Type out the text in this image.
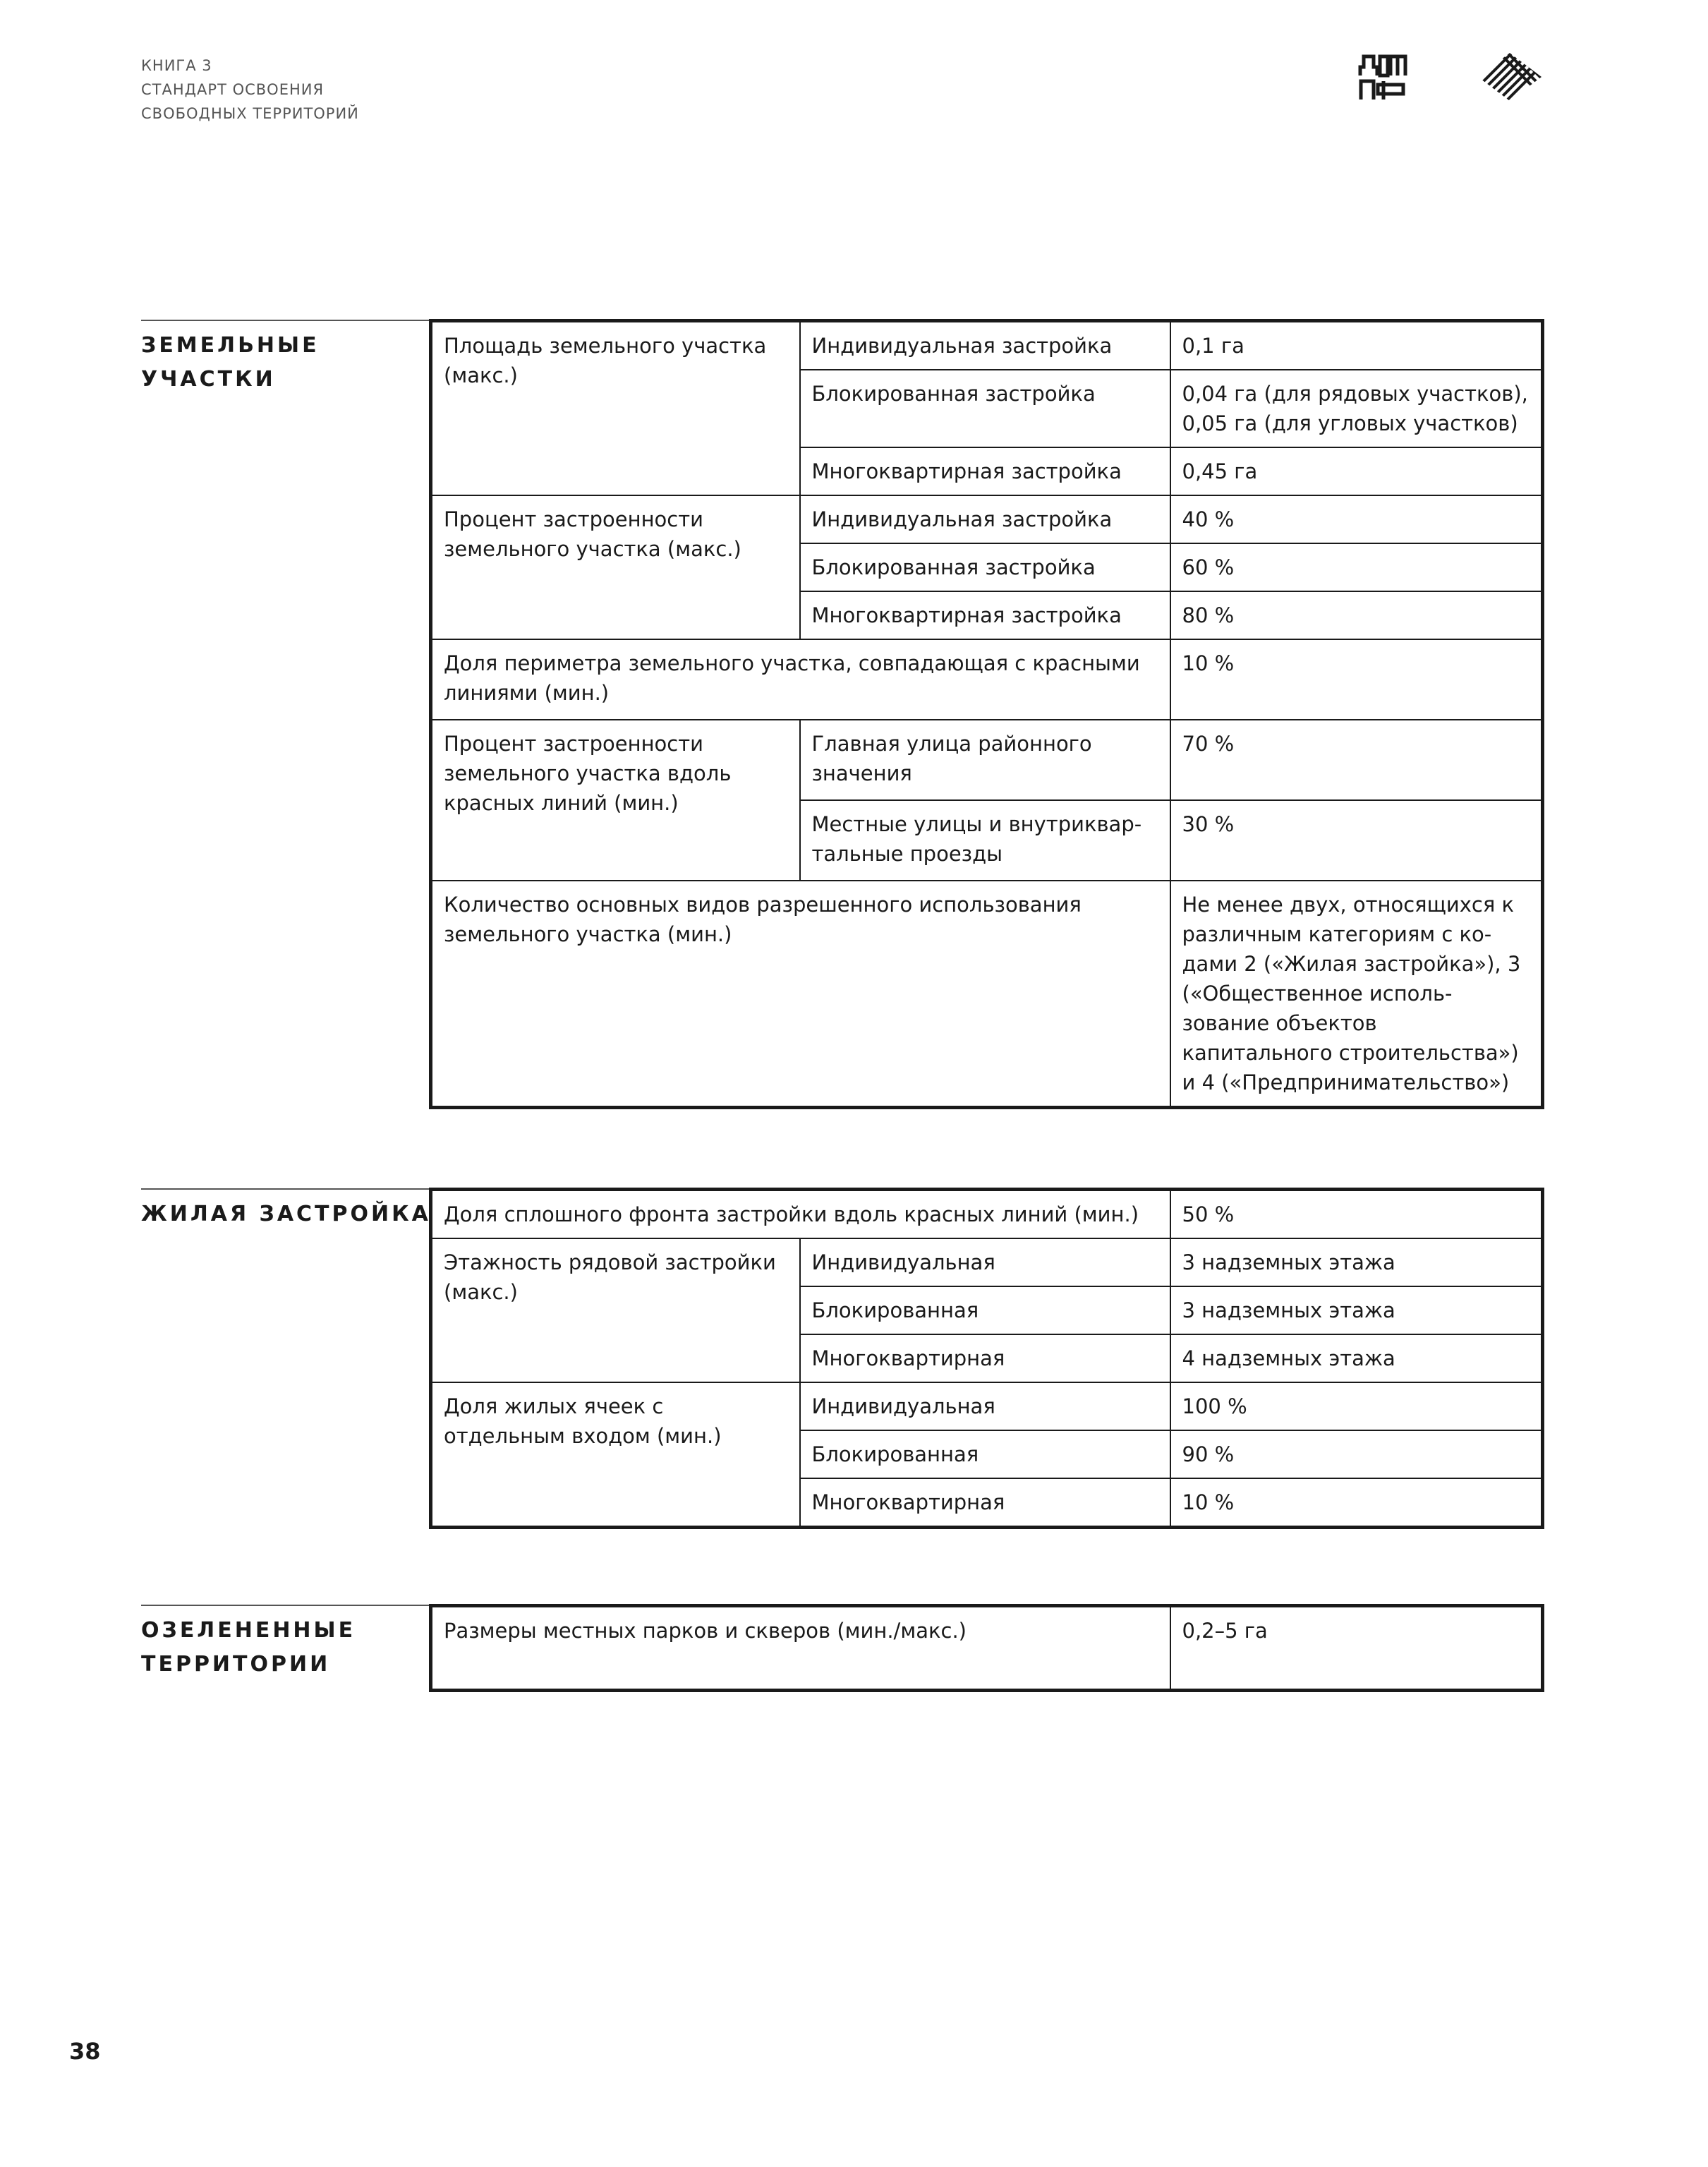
КНИГА 3
СТАНДАРТ ОСВОЕНИЯ
СВОБОДНЫХ ТЕРРИТОРИЙ
ЗЕМЕЛЬНЫЕ
УЧАСТКИ
Площадь земельного участка (макс.)	Индивидуальная застройка	0,1 га
	Блокированная застройка	0,04 га (для рядовых участков),
0,05 га (для угловых участков)

	Многоквартирная застройка	0,45 га
Процент застроенности земельного участка (макс.)	Индивидуальная застройка	40 %
	Блокированная застройка	60 %
	Многоквартирная застройка	80 %
Доля периметра земельного участка, совпадающая с красными линиями (мин.)		10 %
Процент застроенности земельного участка вдоль красных линий (мин.)	Главная улица районного значения	70 %
	Местные улицы и внутриквартальные проезды	30 %
Количество основных видов разрешенного использования земельного участка (мин.)		Не менее двух, относящихся к различным категориям с кодами 2 («Жилая застройка»), 3 («Общественное использование объектов капитального строительства») и 4 («Предпринимательство»)
ЖИЛАЯ ЗАСТРОЙКА Доля сплошного фронта застройки вдоль красных линий (мин.)		50 %
Этажность рядовой застройки (макс.)	Индивидуальная	3 надземных этажа
	Блокированная	3 надземных этажа
	Многоквартирная	4 надземных этажа
Доля жилых ячеек с отдельным входом (мин.)	Индивидуальная	100 %
	Блокированная	90 %
	Многоквартирная	10 %
ОЗЕЛЕНЕННЫЕ
ТЕРРИТОРИИ
Размеры местных парков и скверов (мин./макс.)	0,2–5 га
38
